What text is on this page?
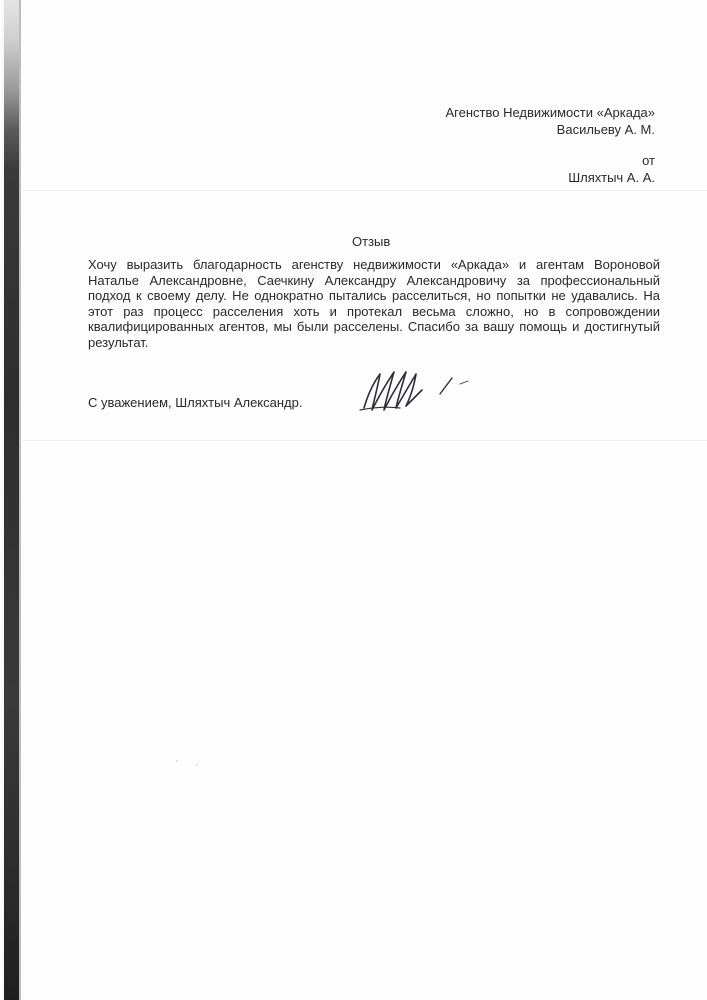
Агенство Недвижимости «Аркада»
Васильеву А. М.
от
Шляхтыч А. А.
Отзыв
Хочу выразить благодарность агенству недвижимости «Аркада» и агентам Вороновой Наталье Александровне, Саечкину Александру Александровичу за профессиональный подход к своему делу. Не однократно пытались расселиться, но попытки не удавались. На этот раз процесс расселения хоть и протекал весьма сложно, но в сопровождении квалифицированных агентов, мы были расселены. Спасибо за вашу помощь и достигнутый результат.
С уважением, Шляхтыч Александр.
